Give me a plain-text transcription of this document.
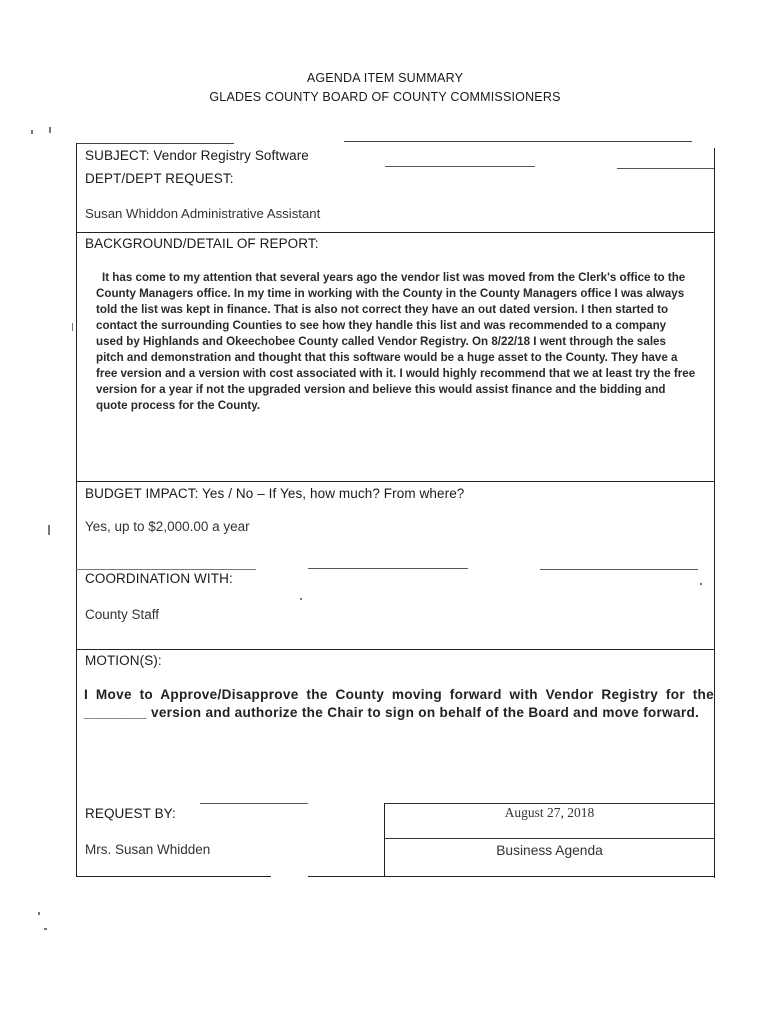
AGENDA ITEM SUMMARY
GLADES COUNTY BOARD OF COUNTY COMMISSIONERS
SUBJECT: Vendor Registry Software
DEPT/DEPT REQUEST:
Susan Whiddon Administrative Assistant
BACKGROUND/DETAIL OF REPORT:
It has come to my attention that several years ago the vendor list was moved from the Clerk's office to the County Managers office. In my time in working with the County in the County Managers office I was always told the list was kept in finance. That is also not correct they have an out dated version. I then started to contact the surrounding Counties to see how they handle this list and was recommended to a company used by Highlands and Okeechobee County called Vendor Registry. On 8/22/18 I went through the sales pitch and demonstration and thought that this software would be a huge asset to the County. They have a free version and a version with cost associated with it. I would highly recommend that we at least try the free version for a year if not the upgraded version and believe this would assist finance and the bidding and quote process for the County.
BUDGET IMPACT: Yes / No – If Yes, how much? From where?
Yes, up to $2,000.00 a year
COORDINATION WITH:
County Staff
MOTION(S):
I Move to Approve/Disapprove the County moving forward with Vendor Registry for the ________ version and authorize the Chair to sign on behalf of the Board and move forward.
REQUEST BY:
Mrs. Susan Whidden
August 27, 2018
Business Agenda
